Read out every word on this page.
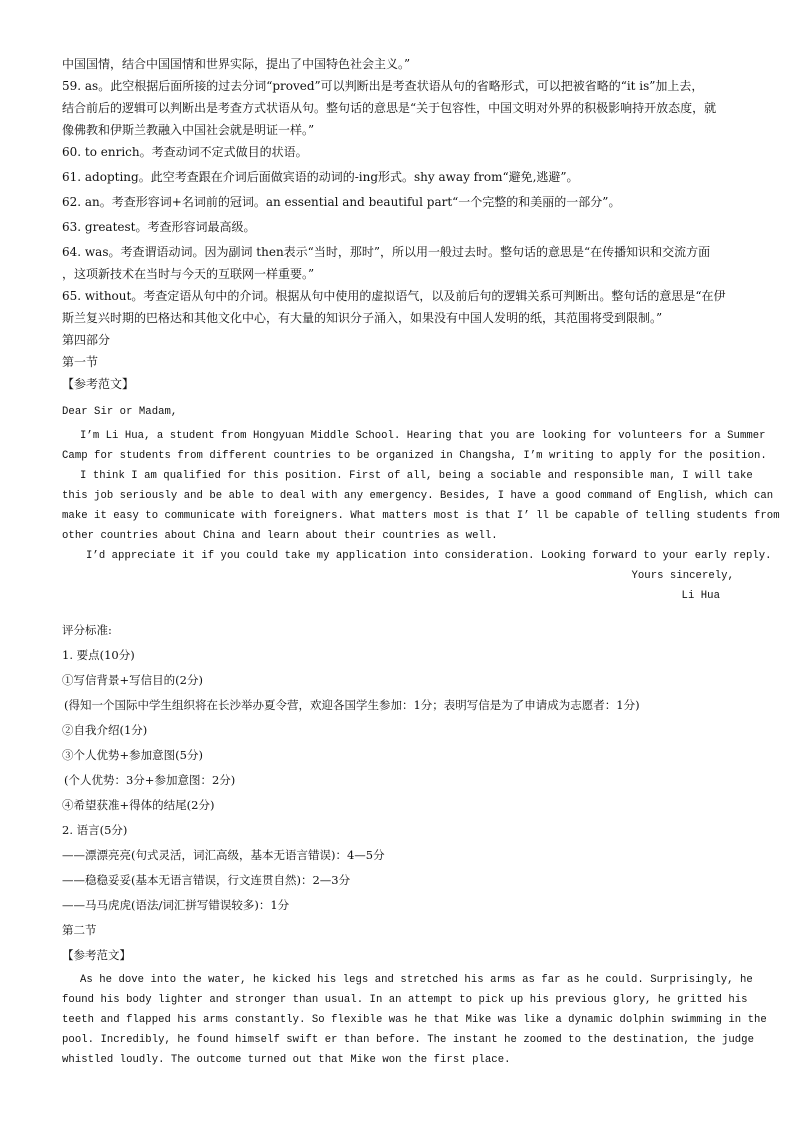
中国国情，结合中国国情和世界实际，提出了中国特色社会主义。”
59. as。此空根据后面所接的过去分词“proved”可以判断出是考查状语从句的省略形式，可以把被省略的“it is”加上去，
结合前后的逻辑可以判断出是考查方式状语从句。整句话的意思是“关于包容性，中国文明对外界的积极影响持开放态度，就
像佛教和伊斯兰教融入中国社会就是明证一样。”
60. to enrich。考查动词不定式做目的状语。
61. adopting。此空考查跟在介词后面做宾语的动词的-ing形式。shy away from“避免,逃避”。
62. an。考查形容词+名词前的冠词。an essential and beautiful part“一个完整的和美丽的一部分”。
63. greatest。考查形容词最高级。
64. was。考查谓语动词。因为副词 then表示“当时，那时”，所以用一般过去时。整句话的意思是“在传播知识和交流方面
，这项新技术在当时与今天的互联网一样重要。”
65. without。考查定语从句中的介词。根据从句中使用的虚拟语气，以及前后句的逻辑关系可判断出。整句话的意思是“在伊
斯兰复兴时期的巴格达和其他文化中心，有大量的知识分子涌入，如果没有中国人发明的纸，其范围将受到限制。”
第四部分
第一节
【参考范文】
Dear Sir or Madam,
I’m Li Hua, a student from Hongyuan Middle School. Hearing that you are looking for volunteers for a Summer
Camp for students from different countries to be organized in Changsha, I’m writing to apply for the position.
I think I am qualified for this position. First of all, being a sociable and responsible man, I will take
this job seriously and be able to deal with any emergency. Besides, I have a good command of English, which can
make it easy to communicate with foreigners. What matters most is that I’ ll be capable of telling students from
other countries about China and learn about their countries as well.
I’d appreciate it if you could take my application into consideration. Looking forward to your early reply.
Yours sincerely,
Li Hua
评分标准:
1. 要点(10分)
①写信背景+写信目的(2分)
(得知一个国际中学生组织将在长沙举办夏令营，欢迎各国学生参加：1分；表明写信是为了申请成为志愿者：1分)
②自我介绍(1分)
③个人优势+参加意图(5分)
(个人优势：3分+参加意图：2分)
④希望获准+得体的结尾(2分)
2. 语言(5分)
——漂漂亮亮(句式灵活，词汇高级，基本无语言错误)：4—5分
——稳稳妥妥(基本无语言错误，行文连贯自然)：2—3分
——马马虎虎(语法/词汇拼写错误较多)：1分
第二节
【参考范文】
As he dove into the water, he kicked his legs and stretched his arms as far as he could. Surprisingly, he
found his body lighter and stronger than usual. In an attempt to pick up his previous glory, he gritted his
teeth and flapped his arms constantly. So flexible was he that Mike was like a dynamic dolphin swimming in the
pool. Incredibly, he found himself swift er than before. The instant he zoomed to the destination, the judge
whistled loudly. The outcome turned out that Mike won the first place.
